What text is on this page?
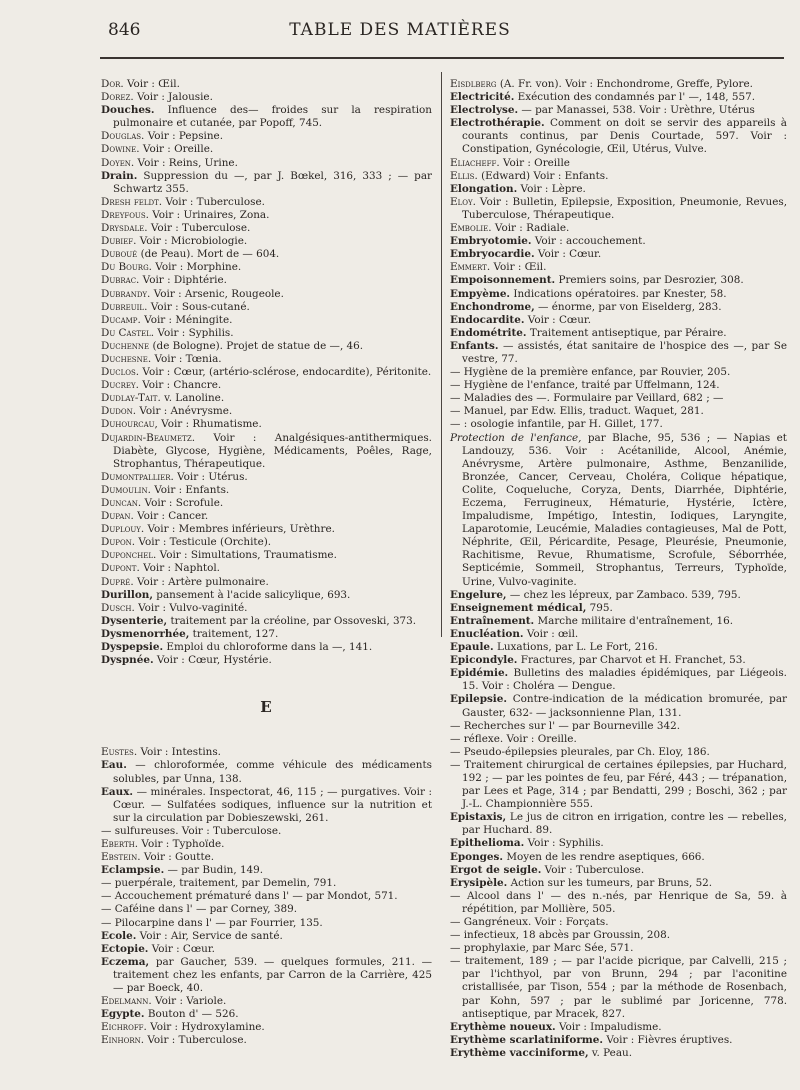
846	TABLE DES MATIÈRES

Dor. Voir : Œil.

Dorez. Voir : Jalousie.

Douches. Influence des— froides sur la respiration pulmonaire et cutanée, par Popoff, 745.

Douglas. Voir : Pepsine.

Dowine. Voir : Oreille.

Doyen. Voir : Reins, Urine.

Drain. Suppression du —, par J. Bœkel, 316, 333 ; — par Schwartz 355.

Dresh feldt. Voir : Tuberculose.

Dreyfous. Voir : Urinaires, Zona.

Drysdale. Voir : Tuberculose.

Dubief. Voir : Microbiologie.

Duboué (de Peau). Mort de — 604.

Du Bourg. Voir : Morphine.

Dubrac. Voir : Diphtérie.

Dubrandy. Voir : Arsenic, Rougeole.

Dubreuil. Voir : Sous-cutané.

Ducamp. Voir : Méningite.

Du Castel. Voir : Syphilis.

Duchenne (de Bologne). Projet de statue de —, 46.

Duchesne. Voir : Tœnia.

Duclos. Voir : Cœur, (artério-sclérose, endocardite), Péritonite.

Ducrey. Voir : Chancre.

Dudlay-Tait. v. Lanoline.

Dudon. Voir : Anévrysme.

Duhourcau, Voir : Rhumatisme.

Dujardin-Beaumetz. Voir : Analgésiques-antithermiques. Diabète, Glycose, Hygiène, Médicaments, Poêles, Rage, Strophantus, Thérapeutique.

Dumontpallier. Voir : Utérus.

Dumoulin. Voir : Enfants.

Duncan. Voir : Scrofule.

Dupan. Voir : Cancer.

Duplouy. Voir : Membres inférieurs, Urèthre.

Dupon. Voir : Testicule (Orchite).

Duponchel. Voir : Simultations, Traumatisme.

Dupont. Voir : Naphtol.

Dupré. Voir : Artère pulmonaire.

Durillon, pansement à l'acide salicylique, 693.

Dusch. Voir : Vulvo-vaginité.

Dysenterie, traitement par la créoline, par Ossoveski, 373.

Dysmenorrhée, traitement, 127.

Dyspepsie. Emploi du chloroforme dans la —, 141.

Dyspnée. Voir : Cœur, Hystérie.

E

Eustes. Voir : Intestins.

Eau. — chloroformée, comme véhicule des médicaments solubles, par Unna, 138.

Eaux. — minérales. Inspectorat, 46, 115 ; — purgatives. Voir : Cœur. — Sulfatées sodiques, influence sur la nutrition et sur la circulation par Dobieszewski, 261.

— sulfureuses. Voir : Tuberculose.

Eberth. Voir : Typhoïde.

Ebstein. Voir : Goutte.

Eclampsie. — par Budin, 149.

— puerpérale, traitement, par Demelin, 791.

— Accouchement prématuré dans l' — par Mondot, 571.

— Caféine dans l' — par Corney, 389.

— Pilocarpine dans l' — par Fourrier, 135.

Ecole. Voir : Air, Service de santé.

Ectopie. Voir : Cœur.

Eczema, par Gaucher, 539. — quelques formules, 211. — traitement chez les enfants, par Carron de la Carrière, 425 — par Boeck, 40.

Edelmann. Voir : Variole.

Egypte. Bouton d' — 526.

Eichroff. Voir : Hydroxylamine.

Einhorn. Voir : Tuberculose.

Eisdlberg (A. Fr. von). Voir : Enchondrome, Greffe, Pylore.

Electricité. Exécution des condamnés par l' —, 148, 557.

Electrolyse. — par Manassei, 538. Voir : Urèthre, Utérus

Electrothérapie. Comment on doit se servir des appareils à courants continus, par Denis Courtade, 597. Voir : Constipation, Gynécologie, Œil, Utérus, Vulve.

Eliacheff. Voir : Oreille

Ellis. (Edward) Voir : Enfants.

Elongation. Voir : Lèpre.

Eloy. Voir : Bulletin, Epilepsie, Exposition, Pneumonie, Revues, Tuberculose, Thérapeutique.

Embolie. Voir : Radiale.

Embryotomie. Voir : accouchement.

Embryocardie. Voir : Cœur.

Emmert. Voir : Œil.

Empoisonnement. Premiers soins, par Desrozier, 308.

Empyème. Indications opératoires. par Knester, 58.

Enchondrome, — énorme, par von Eiselderg, 283.

Endocardite. Voir : Cœur.

Endométrite. Traitement antiseptique, par Péraire.

Enfants. — assistés, état sanitaire de l'hospice des —, par Se vestre, 77.

— Hygiène de la première enfance, par Rouvier, 205.

— Hygiène de l'enfance, traité par Uffelmann, 124.

— Maladies des —. Formulaire par Veillard, 682 ; —

— Manuel, par Edw. Ellis, traduct. Waquet, 281.

— : osologie infantile, par H. Gillet, 177.

Protection de l'enfance, par Blache, 95, 536 ; — Napias et Landouzy, 536. Voir : Acétanilide, Alcool, Anémie, Anévrysme, Artère pulmonaire, Asthme, Benzanilide, Bronzée, Cancer, Cerveau, Choléra, Colique hépatique, Colite, Coqueluche, Coryza, Dents, Diarrhée, Diphtérie, Eczema, Ferrugineux, Hématurie, Hystérie, Ictère, Impaludisme, Impétigo, Intestin, Iodiques, Laryngite, Laparotomie, Leucémie, Maladies contagieuses, Mal de Pott, Néphrite, Œil, Péricardite, Pesage, Pleurésie, Pneumonie, Rachitisme, Revue, Rhumatisme, Scrofule, Séborrhée, Septicémie, Sommeil, Strophantus, Terreurs, Typhoïde, Urine, Vulvo-vaginite.

Engelure, — chez les lépreux, par Zambaco. 539, 795.

Enseignement médical, 795.

Entraînement. Marche militaire d'entraînement, 16.

Enucléation. Voir : œil.

Epaule. Luxations, par L. Le Fort, 216.

Epicondyle. Fractures, par Charvot et H. Franchet, 53.

Epidémie. Bulletins des maladies épidémiques, par Liégeois. 15. Voir : Choléra — Dengue.

Epilepsie. Contre-indication de la médication bromurée, par Gauster, 632- — jacksonnienne Plan, 131.

— Recherches sur l' — par Bourneville 342.

— réflexe. Voir : Oreille.

— Pseudo-épilepsies pleurales, par Ch. Eloy, 186.

— Traitement chirurgical de certaines épilepsies, par Huchard, 192 ; — par les pointes de feu, par Féré, 443 ; — trépanation, par Lees et Page, 314 ; par Bendatti, 299 ; Boschi, 362 ; par J.-L. Championnière 555.

Epistaxis, Le jus de citron en irrigation, contre les — rebelles, par Huchard. 89.

Epithelioma. Voir : Syphilis.

Eponges. Moyen de les rendre aseptiques, 666.

Ergot de seigle. Voir : Tuberculose.

Erysipèle. Action sur les tumeurs, par Bruns, 52.

— Alcool dans l' — des n.-nés, par Henrique de Sa, 59. à répétition, par Mollière, 505.

— Gangréneux. Voir : Forçats.

— infectieux, 18 abcès par Groussin, 208.

— prophylaxie, par Marc Sée, 571.

— traitement, 189 ; — par l'acide picrique, par Calvelli, 215 ; par l'ichthyol, par von Brunn, 294 ; par l'aconitine cristallisée, par Tison, 554 ; par la méthode de Rosenbach, par Kohn, 597 ; par le sublimé par Joricenne, 778. antiseptique, par Mracek, 827.

Erythème noueux. Voir : Impaludisme.

Erythème scarlatiniforme. Voir : Fièvres éruptives.

Erythème vacciniforme, v. Peau.
